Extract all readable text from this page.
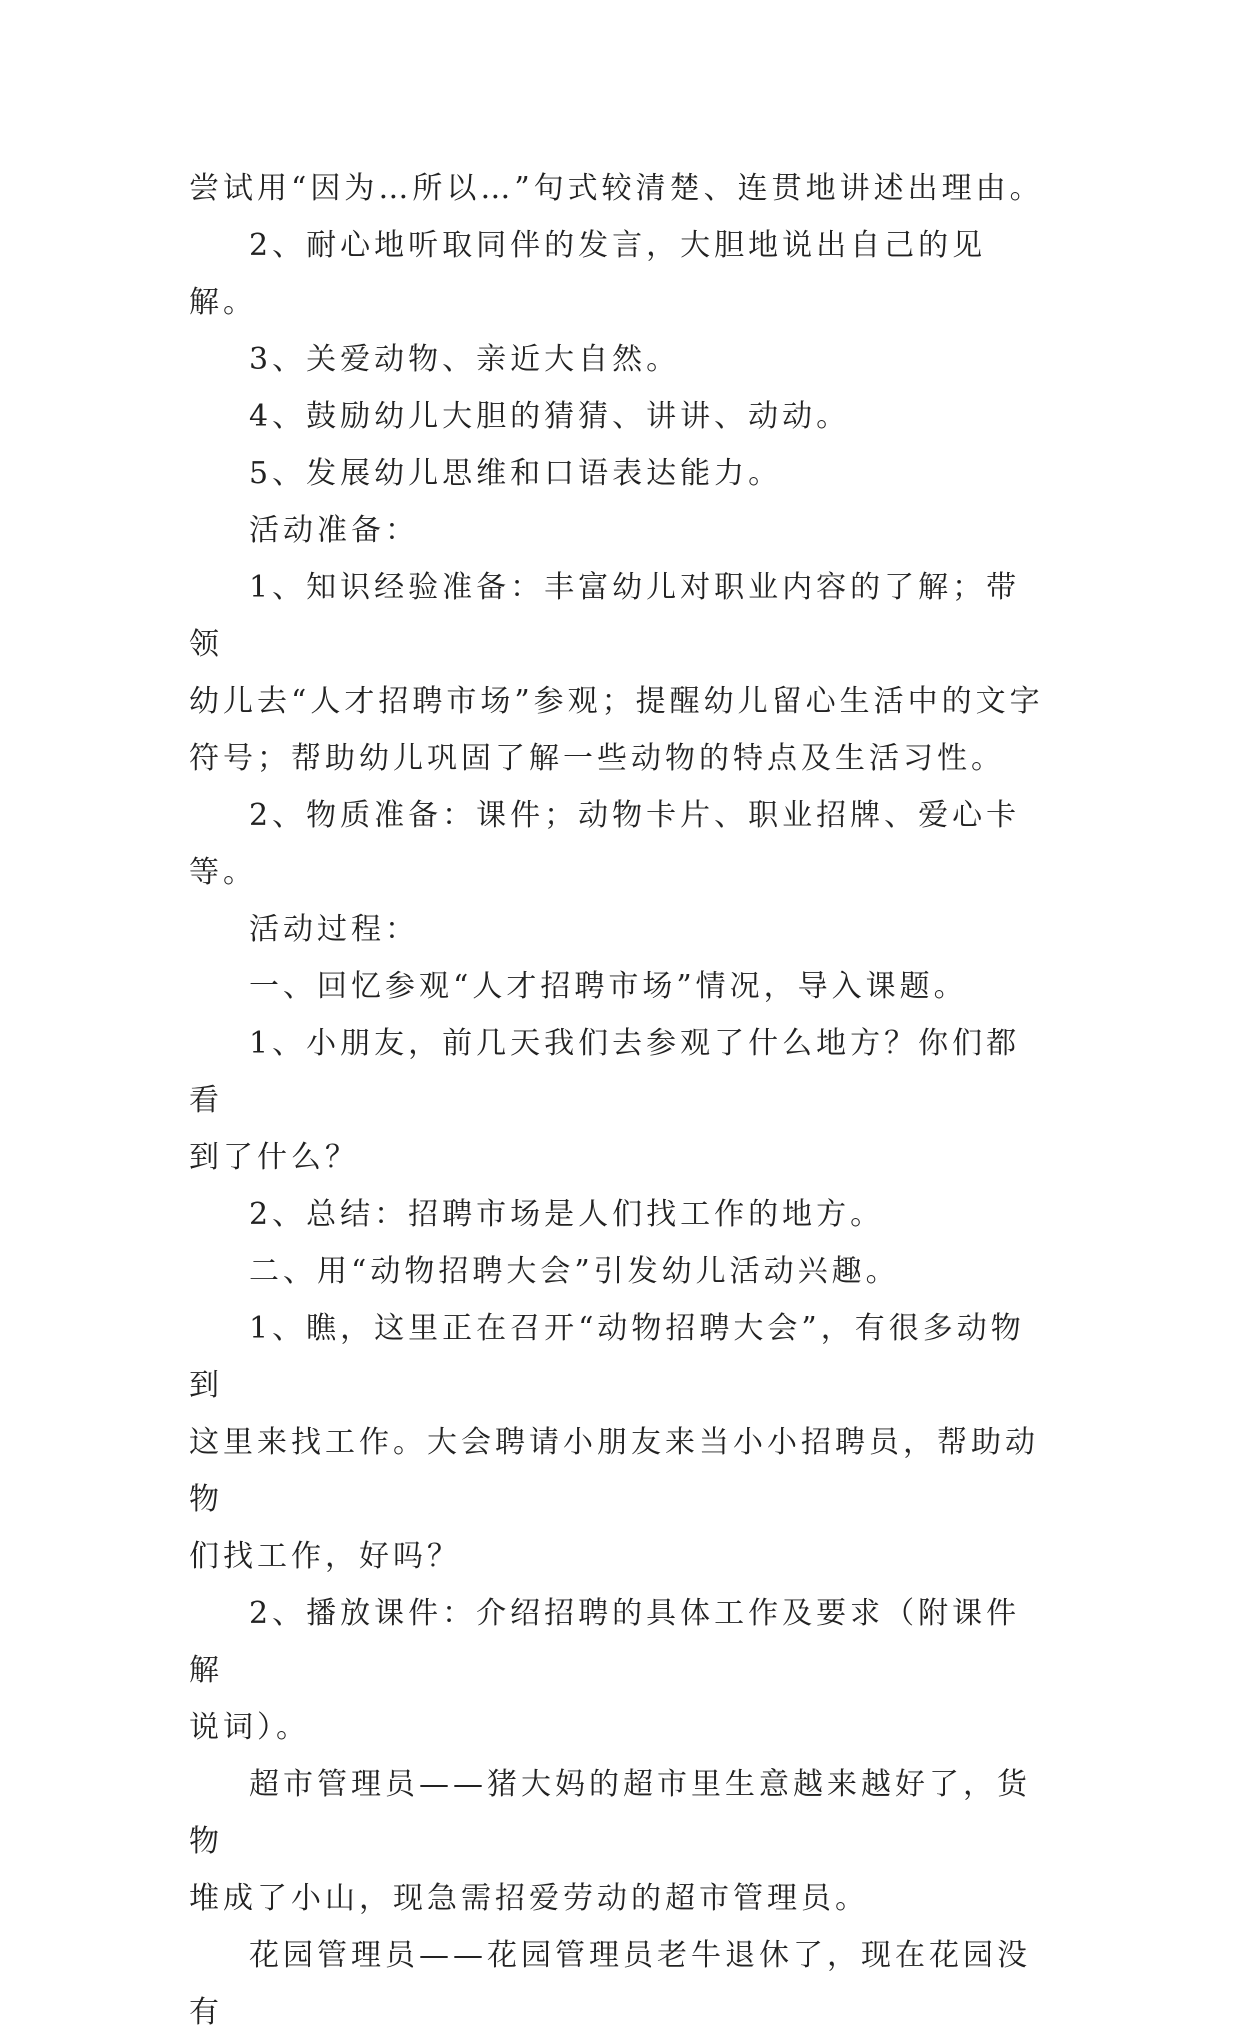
尝试用“因为…所以…”句式较清楚、连贯地讲述出理由。

2、耐心地听取同伴的发言，大胆地说出自己的见解。

3、关爱动物、亲近大自然。

4、鼓励幼儿大胆的猜猜、讲讲、动动。

5、发展幼儿思维和口语表达能力。

活动准备：

1、知识经验准备：丰富幼儿对职业内容的了解；带领
幼儿去“人才招聘市场”参观；提醒幼儿留心生活中的文字
符号；帮助幼儿巩固了解一些动物的特点及生活习性。

2、物质准备：课件；动物卡片、职业招牌、爱心卡等。

活动过程：

一、回忆参观“人才招聘市场”情况，导入课题。

1、小朋友，前几天我们去参观了什么地方？你们都看
到了什么？

2、总结：招聘市场是人们找工作的地方。

二、用“动物招聘大会”引发幼儿活动兴趣。

1、瞧，这里正在召开“动物招聘大会”，有很多动物到
这里来找工作。大会聘请小朋友来当小小招聘员，帮助动物
们找工作，好吗？

2、播放课件：介绍招聘的具体工作及要求（附课件解
说词）。

超市管理员——猪大妈的超市里生意越来越好了，货物
堆成了小山，现急需招爱劳动的超市管理员。

花园管理员——花园管理员老牛退休了，现在花园没有
